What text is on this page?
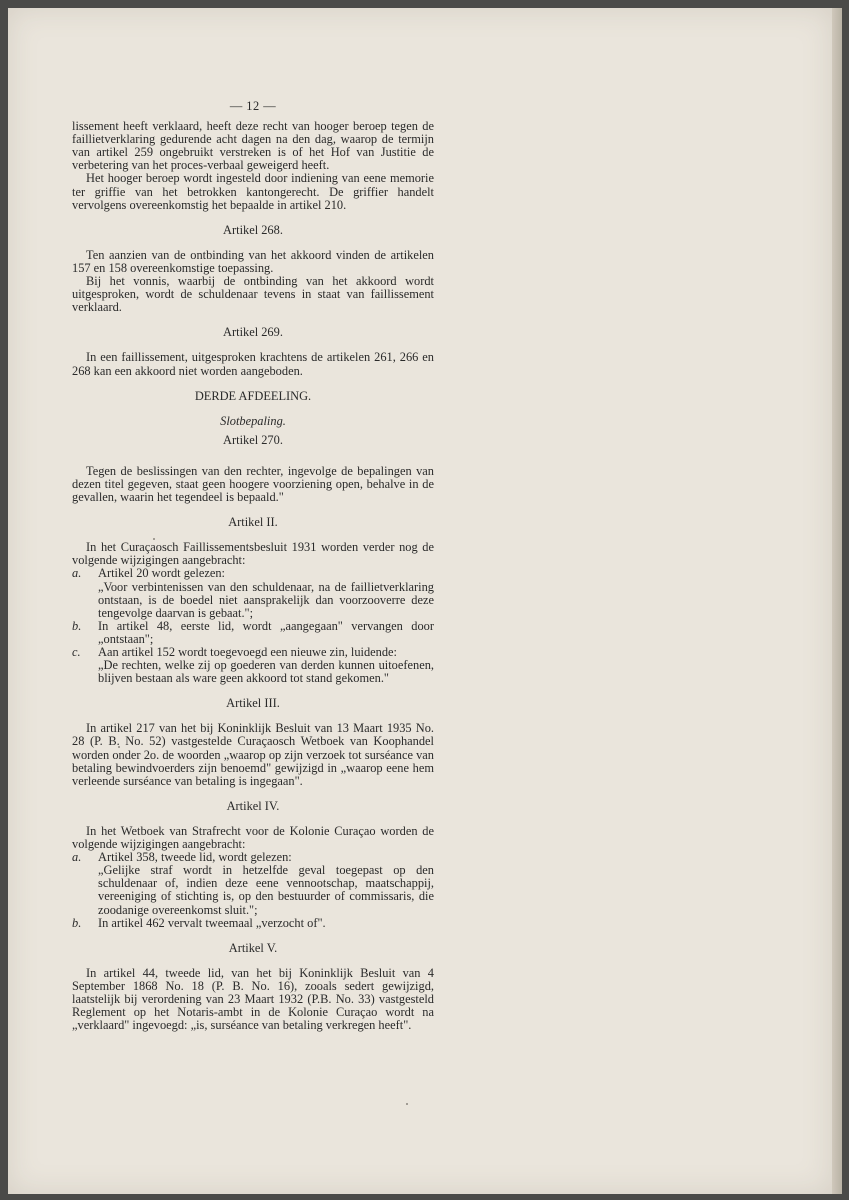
— 12 —

lissement heeft verklaard, heeft deze recht van hooger beroep tegen de faillietverklaring gedurende acht dagen na den dag, waarop de termijn van artikel 259 ongebruikt verstreken is of het Hof van Justitie de verbetering van het proces-verbaal geweigerd heeft.

Het hooger beroep wordt ingesteld door indiening van eene memorie ter griffie van het betrokken kantongerecht. De griffier handelt vervolgens overeenkomstig het bepaalde in artikel 210.

Artikel 268.

Ten aanzien van de ontbinding van het akkoord vinden de artikelen 157 en 158 overeenkomstige toepassing.

Bij het vonnis, waarbij de ontbinding van het akkoord wordt uitgesproken, wordt de schuldenaar tevens in staat van faillissement verklaard.

Artikel 269.

In een faillissement, uitgesproken krachtens de artikelen 261, 266 en 268 kan een akkoord niet worden aangeboden.

DERDE AFDEELING.
Slotbepaling.
Artikel 270.

Tegen de beslissingen van den rechter, ingevolge de bepalingen van dezen titel gegeven, staat geen hoogere voorziening open, behalve in de gevallen, waarin het tegendeel is bepaald."

Artikel II.

In het Curaçaosch Faillissementsbesluit 1931 worden verder nog de volgende wijzigingen aangebracht:

a.	Artikel 20 wordt gelezen:
„Voor verbintenissen van den schuldenaar, na de faillietverklaring ontstaan, is de boedel niet aansprakelijk dan voorzooverre deze tengevolge daarvan is gebaat.";
b.	In artikel 48, eerste lid, wordt „aangegaan" vervangen door „ontstaan";
c.	Aan artikel 152 wordt toegevoegd een nieuwe zin, luidende:
„De rechten, welke zij op goederen van derden kunnen uitoefenen, blijven bestaan als ware geen akkoord tot stand gekomen."
Artikel III.

In artikel 217 van het bij Koninklijk Besluit van 13 Maart 1935 No. 28 (P. B. No. 52) vastgestelde Curaçaosch Wetboek van Koophandel worden onder 2o. de woorden „waarop op zijn verzoek tot surséance van betaling bewindvoerders zijn benoemd" gewijzigd in „waarop eene hem verleende surséance van betaling is ingegaan".

Artikel IV.

In het Wetboek van Strafrecht voor de Kolonie Curaçao worden de volgende wijzigingen aangebracht:

a.	Artikel 358, tweede lid, wordt gelezen:
„Gelijke straf wordt in hetzelfde geval toegepast op den schuldenaar of, indien deze eene vennootschap, maatschappij, vereeniging of stichting is, op den bestuurder of commissaris, die zoodanige overeenkomst sluit.";
b.	In artikel 462 vervalt tweemaal „verzocht of".
Artikel V.

In artikel 44, tweede lid, van het bij Koninklijk Besluit van 4 September 1868 No. 18 (P. B. No. 16), zooals sedert gewijzigd, laatstelijk bij verordening van 23 Maart 1932 (P.B. No. 33) vastgesteld Reglement op het Notaris-ambt in de Kolonie Curaçao wordt na „verklaard" ingevoegd: „is, surséance van betaling verkregen heeft".
